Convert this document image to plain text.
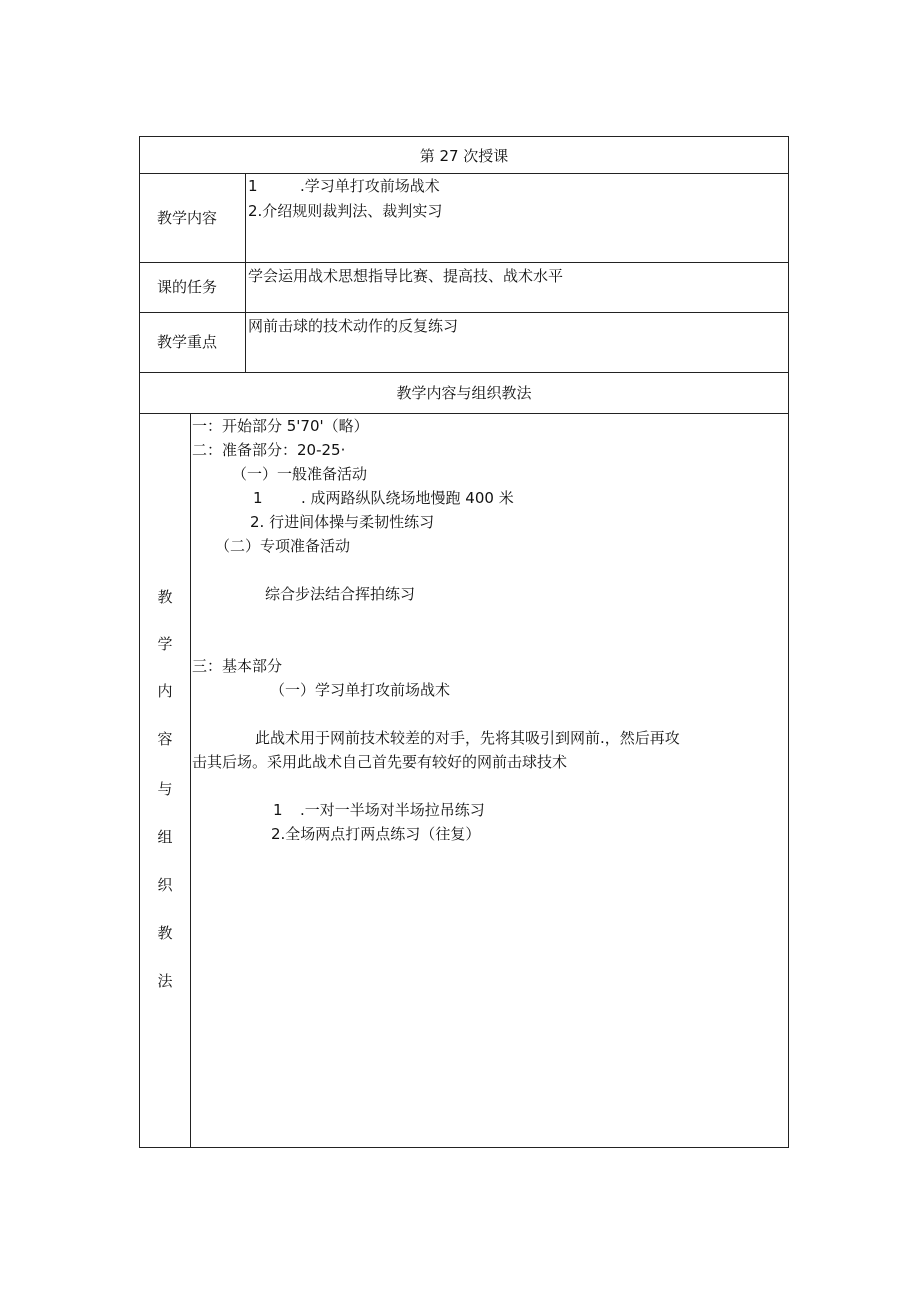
第 27 次授课
教学内容
1	.学习单打攻前场战术
2.介绍规则裁判法、裁判实习
课的任务
学会运用战术思想指导比赛、提高技、战术水平
教学重点
网前击球的技术动作的反复练习
教学内容与组织教法
教
学
内
容
与
组
织
教
法
一：开始部分 5'70'（略）
二：准备部分：20-25·
（一）一般准备活动
1	. 成两路纵队绕场地慢跑 400 米
2. 行进间体操与柔韧性练习
（二）专项准备活动
综合步法结合挥拍练习
三：基本部分
（一）学习单打攻前场战术
此战术用于网前技术较差的对手，先将其吸引到网前.，然后再攻
击其后场。采用此战术自己首先要有较好的网前击球技术
1 .一对一半场对半场拉吊练习
2.全场两点打两点练习（往复）
